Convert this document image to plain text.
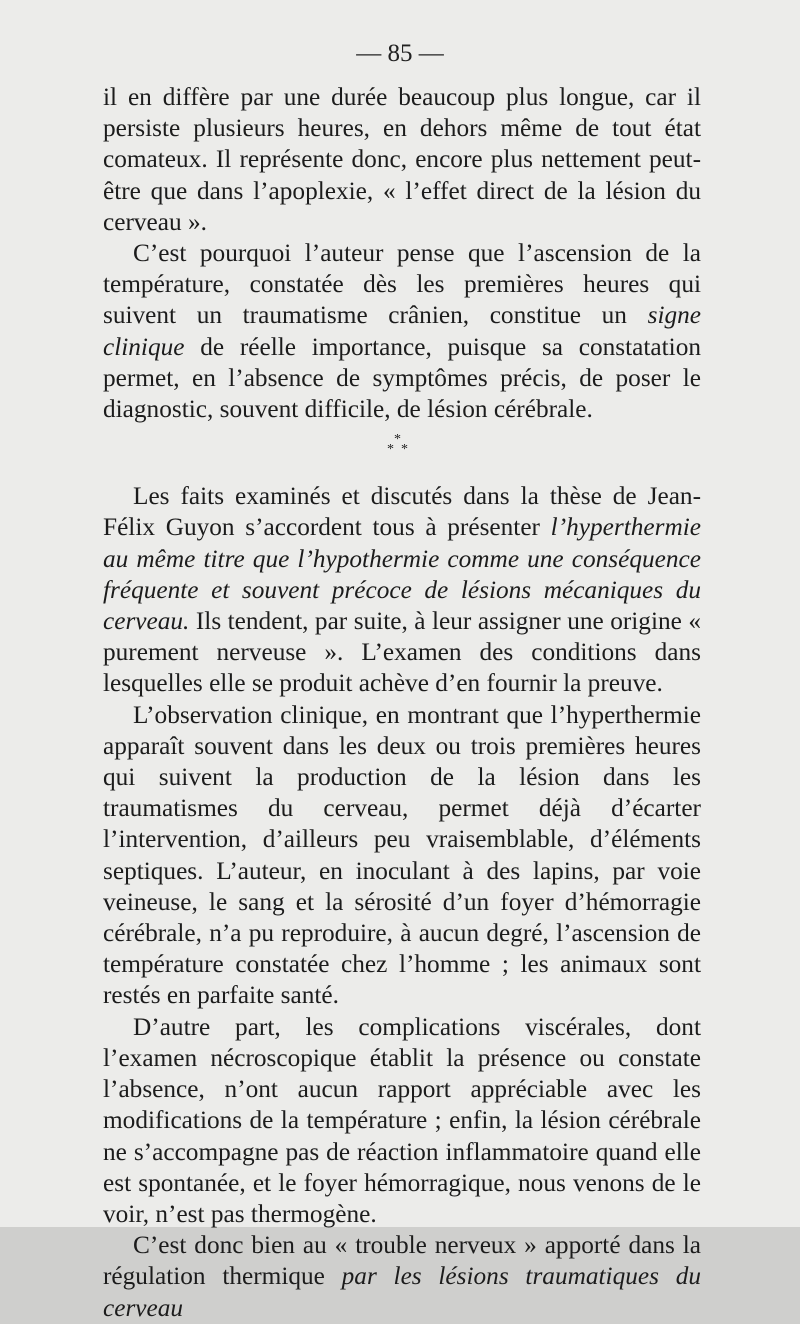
— 85 —

il en diffère par une durée beaucoup plus longue, car il persiste plusieurs heures, en dehors même de tout état comateux. Il représente donc, encore plus nettement peut-être que dans l’apoplexie, « l’effet direct de la lésion du cerveau ».

C’est pourquoi l’auteur pense que l’ascension de la température, constatée dès les premières heures qui suivent un traumatisme crânien, constitue un signe clinique de réelle importance, puisque sa constatation permet, en l’absence de symptômes précis, de poser le diagnostic, souvent difficile, de lésion cérébrale.

*
* *

Les faits examinés et discutés dans la thèse de Jean-Félix Guyon s’accordent tous à présenter l’hyperthermie au même titre que l’hypothermie comme une conséquence fréquente et souvent précoce de lésions mécaniques du cerveau. Ils tendent, par suite, à leur assigner une origine « purement nerveuse ». L’examen des conditions dans lesquelles elle se produit achève d’en fournir la preuve.

L’observation clinique, en montrant que l’hyperthermie apparaît souvent dans les deux ou trois premières heures qui suivent la production de la lésion dans les traumatismes du cerveau, permet déjà d’écarter l’intervention, d’ailleurs peu vraisemblable, d’éléments septiques. L’auteur, en inoculant à des lapins, par voie veineuse, le sang et la sérosité d’un foyer d’hémorragie cérébrale, n’a pu reproduire, à aucun degré, l’ascension de température constatée chez l’homme ; les animaux sont restés en parfaite santé.

D’autre part, les complications viscérales, dont l’examen nécroscopique établit la présence ou constate l’absence, n’ont aucun rapport appréciable avec les modifications de la température ; enfin, la lésion cérébrale ne s’accompagne pas de réaction inflammatoire quand elle est spontanée, et le foyer hémorragique, nous venons de le voir, n’est pas thermogène.

C’est donc bien au « trouble nerveux » apporté dans la régulation thermique par les lésions traumatiques du cerveau
